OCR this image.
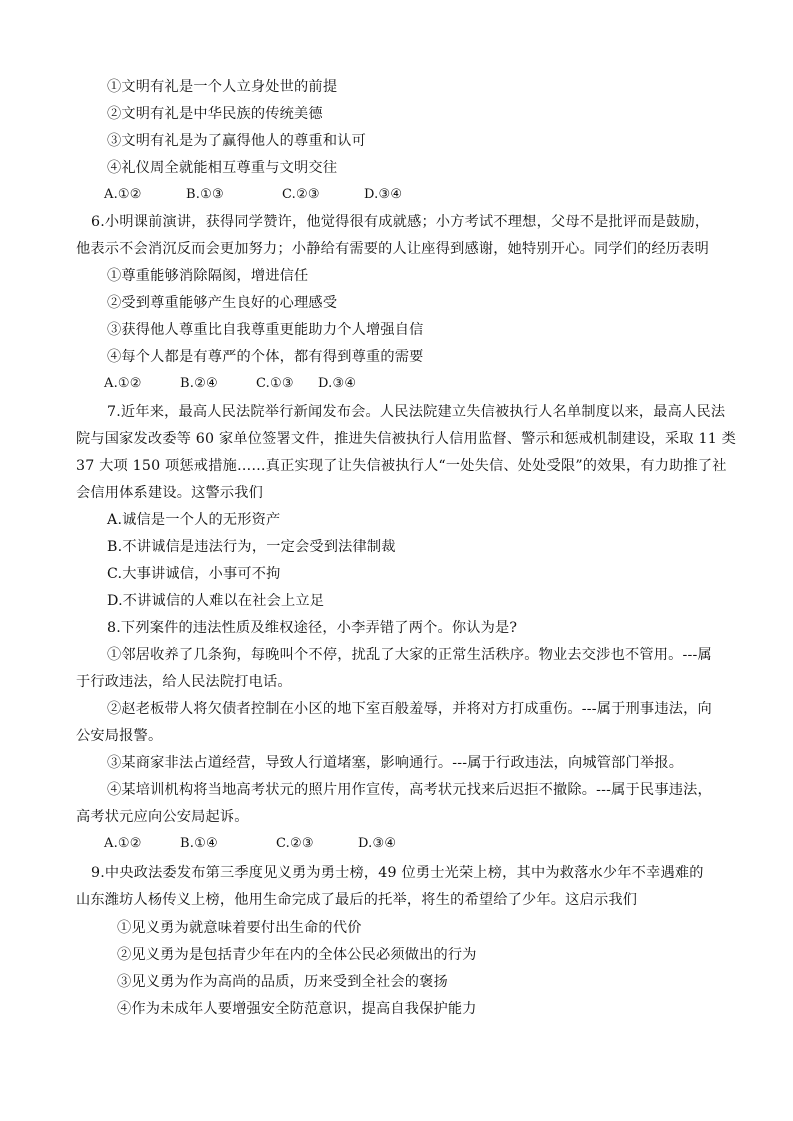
①文明有礼是一个人立身处世的前提
②文明有礼是中华民族的传统美德
③文明有礼是为了赢得他人的尊重和认可
④礼仪周全就能相互尊重与文明交往
A.①②	B.①③	C.②③	D.③④
6.小明课前演讲，获得同学赞许，他觉得很有成就感；小方考试不理想，父母不是批评而是鼓励，
他表示不会消沉反而会更加努力；小静给有需要的人让座得到感谢，她特别开心。同学们的经历表明
①尊重能够消除隔阂，增进信任
②受到尊重能够产生良好的心理感受
③获得他人尊重比自我尊重更能助力个人增强自信
④每个人都是有尊严的个体，都有得到尊重的需要
A.①②	B.②④	C.①③ D.③④
7.近年来，最高人民法院举行新闻发布会。人民法院建立失信被执行人名单制度以来，最高人民法
院与国家发改委等 60 家单位签署文件，推进失信被执行人信用监督、警示和惩戒机制建设，采取 11 类
37 大项 150 项惩戒措施……真正实现了让失信被执行人“一处失信、处处受限”的效果，有力助推了社
会信用体系建设。这警示我们
A.诚信是一个人的无形资产
B.不讲诚信是违法行为，一定会受到法律制裁
C.大事讲诚信，小事可不拘
D.不讲诚信的人难以在社会上立足
8.下列案件的违法性质及维权途径，小李弄错了两个。你认为是?
①邻居收养了几条狗，每晚叫个不停，扰乱了大家的正常生活秩序。物业去交涉也不管用。---属
于行政违法，给人民法院打电话。
②赵老板带人将欠债者控制在小区的地下室百般羞辱，并将对方打成重伤。---属于刑事违法，向
公安局报警。
③某商家非法占道经营，导致人行道堵塞，影响通行。---属于行政违法，向城管部门举报。
④某培训机构将当地高考状元的照片用作宣传，高考状元找来后迟拒不撤除。---属于民事违法，
高考状元应向公安局起诉。
A.①②	B.①④	C.②③	D.③④
9.中央政法委发布第三季度见义勇为勇士榜，49 位勇士光荣上榜，其中为救落水少年不幸遇难的
山东潍坊人杨传义上榜，他用生命完成了最后的托举，将生的希望给了少年。这启示我们
①见义勇为就意味着要付出生命的代价
②见义勇为是包括青少年在内的全体公民必须做出的行为
③见义勇为作为高尚的品质，历来受到全社会的褒扬
④作为未成年人要增强安全防范意识，提高自我保护能力
